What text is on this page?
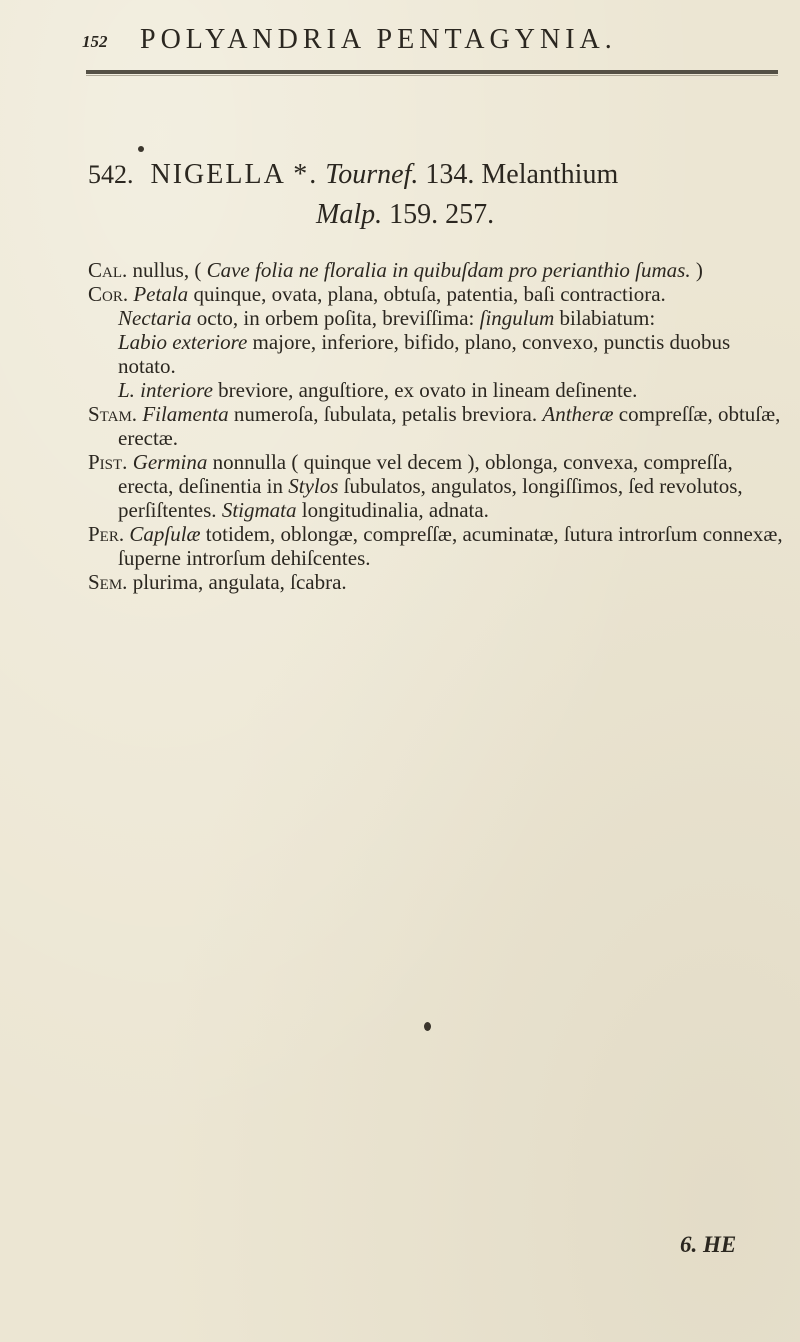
152 POLYANDRIA PENTAGYNIA.
542. NIGELLA *. Tournef. 134. Melanthium
Malp. 159. 257.
Cal. nullus, ( Cave folia ne floralia in quibuſdam pro perianthio ſumas. )
Cor. Petala quinque, ovata, plana, obtuſa, patentia, baſi contractiora.
Nectaria octo, in orbem poſita, breviſſima: ſingulum bilabiatum:
Labio exteriore majore, inferiore, bifido, plano, convexo, punctis duobus notato.
L. interiore breviore, anguſtiore, ex ovato in lineam deſinente.
Stam. Filamenta numeroſa, ſubulata, petalis breviora. Antheræ compreſſæ, obtuſæ, erectæ.
Pist. Germina nonnulla ( quinque vel decem ), oblonga, convexa, compreſſa, erecta, deſinentia in Stylos ſubulatos, angulatos, longiſſimos, ſed revolutos, perſiſtentes. Stigmata longitudinalia, adnata.
Per. Capſulæ totidem, oblongæ, compreſſæ, acuminatæ, ſutura introrſum connexæ, ſuperne introrſum dehiſcentes.
Sem. plurima, angulata, ſcabra.
6. HE
